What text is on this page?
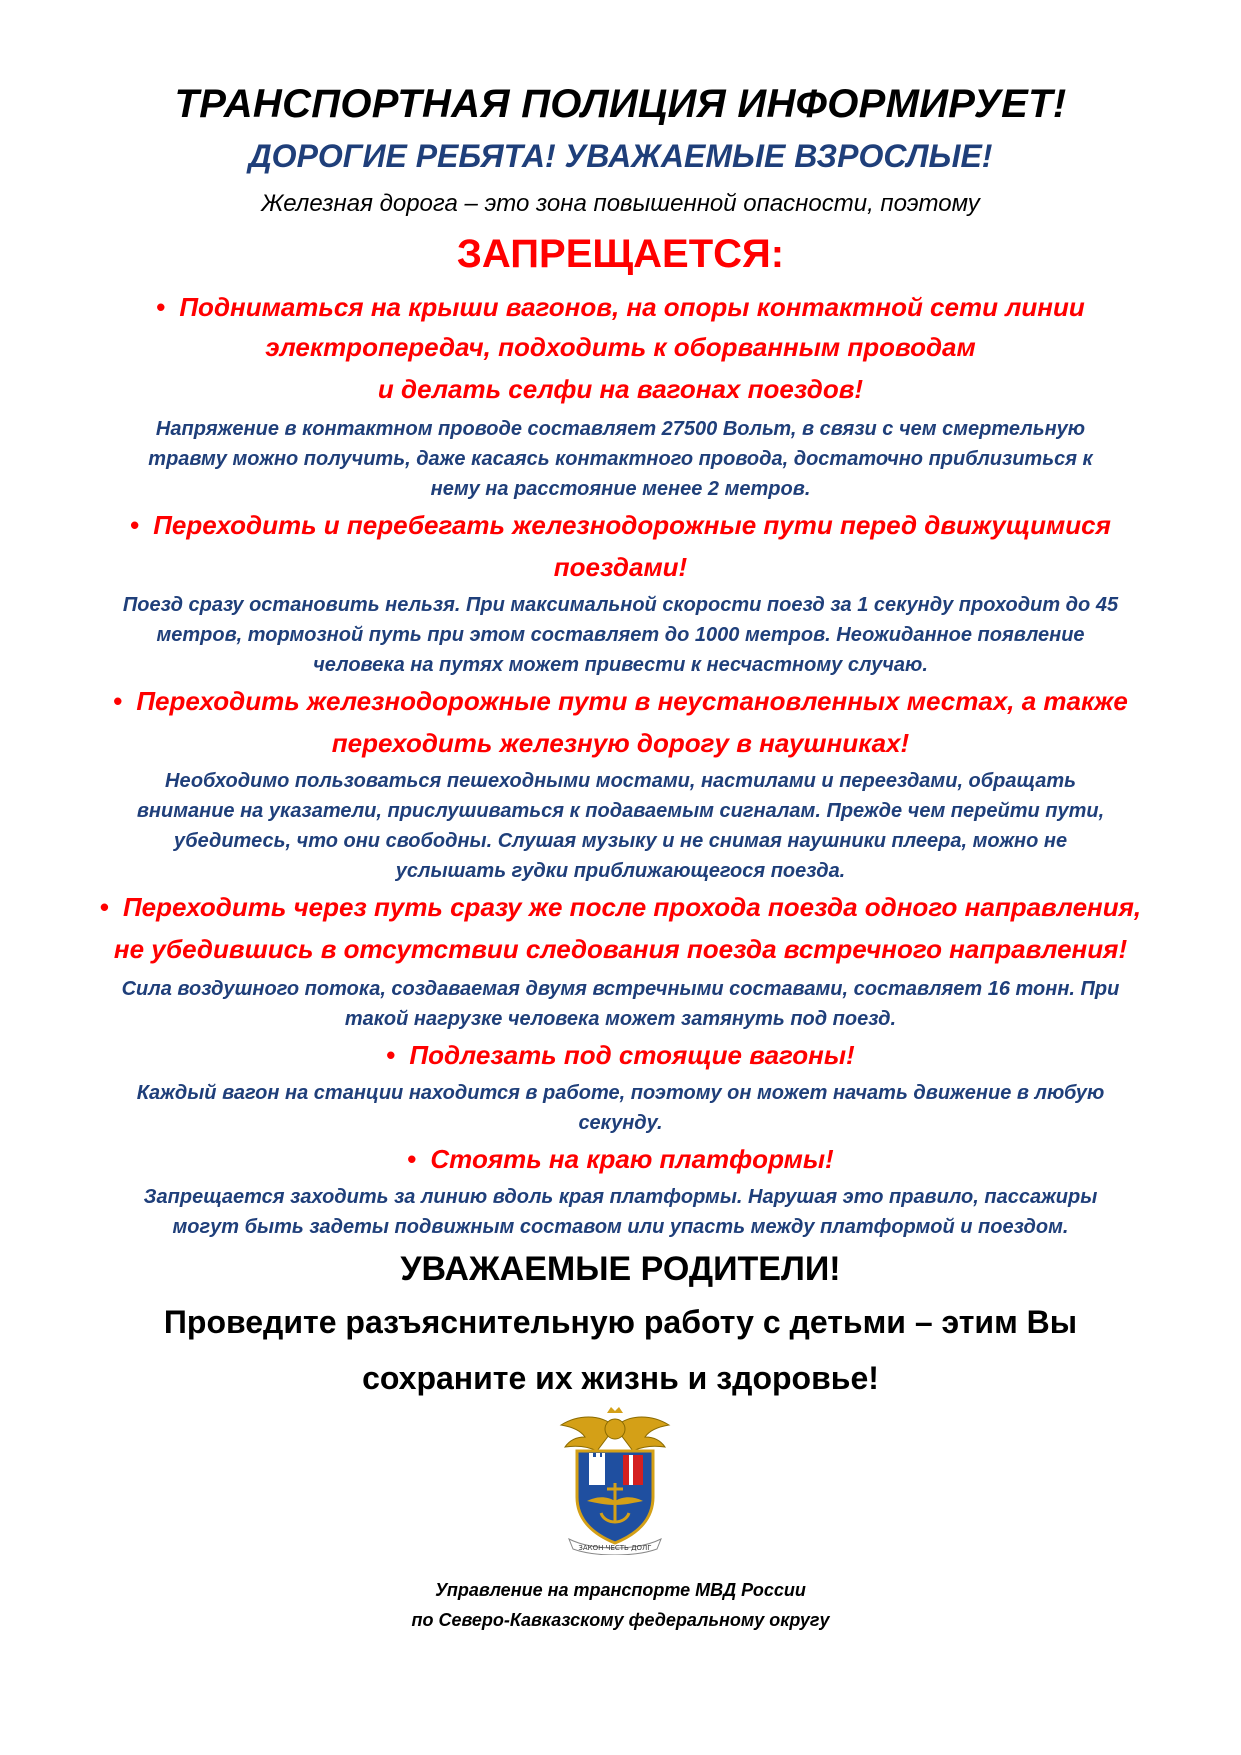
ТРАНСПОРТНАЯ ПОЛИЦИЯ ИНФОРМИРУЕТ!
ДОРОГИЕ РЕБЯТА! УВАЖАЕМЫЕ ВЗРОСЛЫЕ!
Железная дорога – это зона повышенной опасности, поэтому
ЗАПРЕЩАЕТСЯ:
• Подниматься на крыши вагонов, на опоры контактной сети линии
электропередач, подходить к оборванным проводам
и делать селфи на вагонах поездов!
Напряжение в контактном проводе составляет 27500 Вольт, в связи с чем смертельную
травму можно получить, даже касаясь контактного провода, достаточно приблизиться к
нему на расстояние менее 2 метров.
• Переходить и перебегать железнодорожные пути перед движущимися
поездами!
Поезд сразу остановить нельзя. При максимальной скорости поезд за 1 секунду проходит до 45
метров, тормозной путь при этом составляет до 1000 метров. Неожиданное появление
человека на путях может привести к несчастному случаю.
• Переходить железнодорожные пути в неустановленных местах, а также
переходить железную дорогу в наушниках!
Необходимо пользоваться пешеходными мостами, настилами и переездами, обращать
внимание на указатели, прислушиваться к подаваемым сигналам. Прежде чем перейти пути,
убедитесь, что они свободны. Слушая музыку и не снимая наушники плеера, можно не
услышать гудки приближающегося поезда.
• Переходить через путь сразу же после прохода поезда одного направления,
не убедившись в отсутствии следования поезда встречного направления!
Сила воздушного потока, создаваемая двумя встречными составами, составляет 16 тонн. При
такой нагрузке человека может затянуть под поезд.
• Подлезать под стоящие вагоны!
Каждый вагон на станции находится в работе, поэтому он может начать движение в любую
секунду.
• Стоять на краю платформы!
Запрещается заходить за линию вдоль края платформы. Нарушая это правило, пассажиры
могут быть задеты подвижным составом или упасть между платформой и поездом.
УВАЖАЕМЫЕ РОДИТЕЛИ!
Проведите разъяснительную работу с детьми – этим Вы
сохраните их жизнь и здоровье!
ЗАКОН ЧЕСТЬ ДОЛГ
Управление на транспорте МВД России
по Северо-Кавказскому федеральному округу
